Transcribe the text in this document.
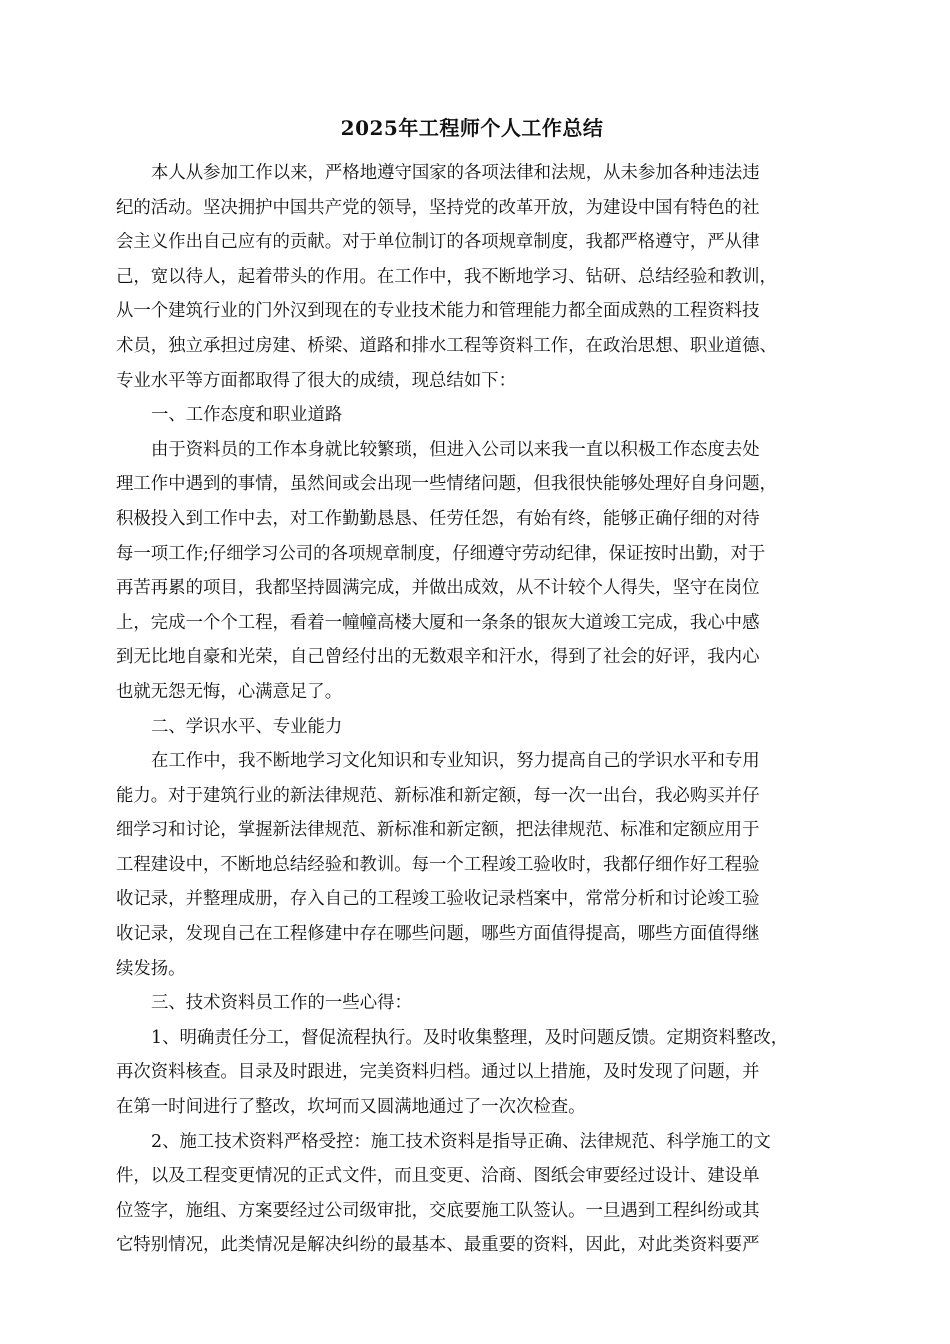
2025年工程师个人工作总结
本人从参加工作以来，严格地遵守国家的各项法律和法规，从未参加各种违法违
纪的活动。坚决拥护中国共产党的领导，坚持党的改革开放，为建设中国有特色的社
会主义作出自己应有的贡献。对于单位制订的各项规章制度，我都严格遵守，严从律
己，宽以待人，起着带头的作用。在工作中，我不断地学习、钻研、总结经验和教训，
从一个建筑行业的门外汉到现在的专业技术能力和管理能力都全面成熟的工程资料技
术员，独立承担过房建、桥梁、道路和排水工程等资料工作，在政治思想、职业道德、
专业水平等方面都取得了很大的成绩，现总结如下：
一、工作态度和职业道路
由于资料员的工作本身就比较繁琐，但进入公司以来我一直以积极工作态度去处
理工作中遇到的事情，虽然间或会出现一些情绪问题，但我很快能够处理好自身问题，
积极投入到工作中去，对工作勤勤恳恳、任劳任怨，有始有终，能够正确仔细的对待
每一项工作;仔细学习公司的各项规章制度，仔细遵守劳动纪律，保证按时出勤，对于
再苦再累的项目，我都坚持圆满完成，并做出成效，从不计较个人得失，坚守在岗位
上，完成一个个工程，看着一幢幢高楼大厦和一条条的银灰大道竣工完成，我心中感
到无比地自豪和光荣，自己曾经付出的无数艰辛和汗水，得到了社会的好评，我内心
也就无怨无悔，心满意足了。
二、学识水平、专业能力
在工作中，我不断地学习文化知识和专业知识，努力提高自己的学识水平和专用
能力。对于建筑行业的新法律规范、新标准和新定额，每一次一出台，我必购买并仔
细学习和讨论，掌握新法律规范、新标准和新定额，把法律规范、标准和定额应用于
工程建设中，不断地总结经验和教训。每一个工程竣工验收时，我都仔细作好工程验
收记录，并整理成册，存入自己的工程竣工验收记录档案中，常常分析和讨论竣工验
收记录，发现自己在工程修建中存在哪些问题，哪些方面值得提高，哪些方面值得继
续发扬。
三、技术资料员工作的一些心得：
1、明确责任分工，督促流程执行。及时收集整理，及时问题反馈。定期资料整改，
再次资料核查。目录及时跟进，完美资料归档。通过以上措施，及时发现了问题，并
在第一时间进行了整改，坎坷而又圆满地通过了一次次检查。
2、施工技术资料严格受控：施工技术资料是指导正确、法律规范、科学施工的文
件，以及工程变更情况的正式文件，而且变更、洽商、图纸会审要经过设计、建设单
位签字，施组、方案要经过公司级审批，交底要施工队签认。一旦遇到工程纠纷或其
它特别情况，此类情况是解决纠纷的最基本、最重要的资料，因此，对此类资料要严
